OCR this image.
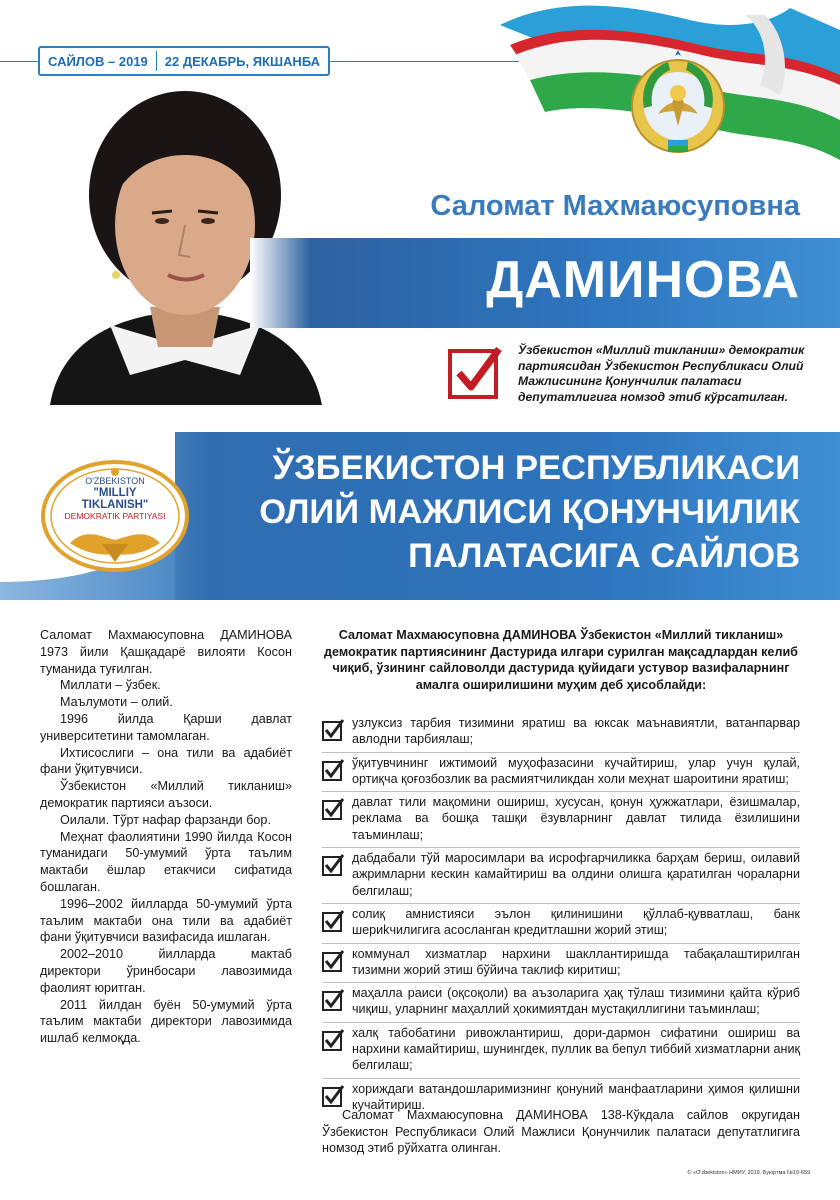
САЙЛОВ – 2019	22 ДЕКАБРЬ, ЯКШАНБА
Саломат Махмаюсуповна
ДАМИНОВА
Ўзбекистон «Миллий тикланиш» демократик партиясидан Ўзбекистон Республикаси Олий Мажлисининг Қонунчилик палатаси депутатлигига номзод этиб кўрсатилган.
ЎЗБЕКИСТОН РЕСПУБЛИКАСИ
ОЛИЙ МАЖЛИСИ ҚОНУНЧИЛИК
ПАЛАТАСИГА САЙЛОВ
O'ZBEKISTON
"MILLIY
TIKLANISH"
DEMOKRATIK PARTIYASI

Саломат Махмаюсуповна ДАМИНОВА 1973 йили Қашқадарё вилояти Косон туманида туғилган.

Миллати – ўзбек.

Маълумоти – олий.

1996 йилда Қарши давлат университетини тамомлаган.

Ихтисослиги – она тили ва адабиёт фани ўқитувчиси.

Ўзбекистон «Миллий тикланиш» демократик партияси аъзоси.

Оилали. Тўрт нафар фарзанди бор.

Меҳнат фаолиятини 1990 йилда Косон туманидаги 50-умумий ўрта таълим мактаби ёшлар етакчиси сифатида бошлаган.

1996–2002 йилларда 50-умумий ўрта таълим мактаби она тили ва адабиёт фани ўқитувчиси вазифасида ишлаган.

2002–2010 йилларда мактаб директори ўринбосари лавозимида фаолият юритган.

2011 йилдан буён 50-умумий ўрта таълим мактаби директори лавозимида ишлаб келмоқда.

Саломат Махмаюсуповна ДАМИНОВА Ўзбекистон «Миллий тикланиш» демократик партиясининг Дастурида илгари сурилган мақсадлардан келиб чиқиб, ўзининг сайловолди дастурида қуйидаги устувор вазифаларнинг амалга оширилишини муҳим деб ҳисоблайди:
узлуксиз тарбия тизимини яратиш ва юксак маънавиятли, ватанпарвар авлодни тарбиялаш;
ўқитувчининг ижтимоий муҳофазасини кучайтириш, улар учун қулай, ортиқча қоғозбозлик ва расмиятчиликдан холи меҳнат шароитини яратиш;
давлат тили мақомини ошириш, хусусан, қонун ҳужжатлари, ёзишмалар, реклама ва бошқа ташқи ёзувларнинг давлат тилида ёзилишини таъминлаш;
дабдабали тўй маросимлари ва исрофгарчиликка барҳам бериш, оилавий ажримларни кескин камайтириш ва олдини олишга қаратилган чораларни белгилаш;
солиқ амнистияси эълон қилинишини қўллаб-қувватлаш, банк шериkчилигига асосланган кредитлашни жорий этиш;
коммунал хизматлар нархини шакллантиришда табақалаштирилган тизимни жорий этиш бўйича таклиф киритиш;
маҳалла раиси (оқсоқоли) ва аъзоларига ҳақ тўлаш тизимини қайта кўриб чиқиш, уларнинг маҳаллий ҳокимиятдан мустақиллигини таъминлаш;
халқ табобатини ривожлантириш, дори-дармон сифатини ошириш ва нархини камайтириш, шунингдек, пуллик ва бепул тиббий хизматларни аниқ белгилаш;
хориждаги ватандошларимизнинг қонуний манфаатларини ҳимоя қилишни кучайтириш.
Саломат Махмаюсуповна ДАМИНОВА 138-Кўкдала сайлов округидан Ўзбекистон Республикаси Олий Мажлиси Қонунчилик палатаси депутатлигига номзод этиб рўйхатга олинган.
© «O'zbekiston» НМИУ, 2019. Буюртма №19-659
